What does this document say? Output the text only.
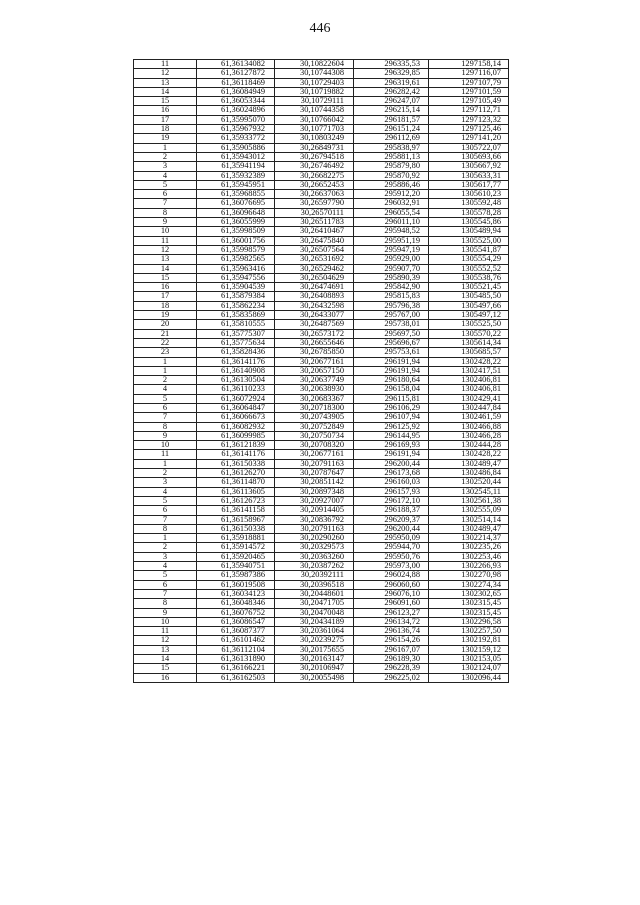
446
11	61,36134082	30,10822604	296335,53	1297158,14
12	61,36127872	30,10744308	296329,85	1297116,07
13	61,36118469	30,10729403	296319,61	1297107,79
14	61,36084949	30,10719882	296282,42	1297101,59
15	61,36053344	30,10729111	296247,07	1297105,49
16	61,36024896	30,10744358	296215,14	1297112,71
17	61,35995070	30,10766042	296181,57	1297123,32
18	61,35967932	30,10771703	296151,24	1297125,46
19	61,35933772	30,10803249	296112,69	1297141,20
1	61,35905886	30,26849731	295838,97	1305722,07
2	61,35943012	30,26794518	295881,13	1305693,66
3	61,35941194	30,26746492	295879,80	1305667,92
4	61,35932389	30,26682275	295870,92	1305633,31
5	61,35945951	30,26652453	295886,46	1305617,77
6	61,35968855	30,26637063	295912,20	1305610,23
7	61,36076695	30,26597790	296032,91	1305592,48
8	61,36096648	30,26570111	296055,54	1305578,28
9	61,36055999	30,26511783	296011,10	1305545,86
10	61,35998509	30,26410467	295948,52	1305489,94
11	61,36001756	30,26475840	295951,19	1305525,00
12	61,35998579	30,26507564	295947,19	1305541,87
13	61,35982565	30,26531692	295929,00	1305554,29
14	61,35963416	30,26529462	295907,70	1305552,52
15	61,35947556	30,26504629	295890,39	1305538,76
16	61,35904539	30,26474691	295842,90	1305521,45
17	61,35879384	30,26408893	295815,83	1305485,50
18	61,35862234	30,26432598	295796,38	1305497,66
19	61,35835869	30,26433077	295767,00	1305497,12
20	61,35810555	30,26487569	295738,01	1305525,50
21	61,35775307	30,26573172	295697,50	1305570,22
22	61,35775634	30,26655646	295696,67	1305614,34
23	61,35828436	30,26785850	295753,61	1305685,57
1	61,36141176	30,20677161	296191,94	1302428,22
1	61,36140908	30,20657150	296191,94	1302417,51
2	61,36130504	30,20637749	296180,64	1302406,81
4	61,36110233	30,20638930	296158,04	1302406,81
5	61,36072924	30,20683367	296115,81	1302429,41
6	61,36064847	30,20718300	296106,29	1302447,84
7	61,36066673	30,20743905	296107,94	1302461,59
8	61,36082932	30,20752849	296125,92	1302466,88
9	61,36099985	30,20750734	296144,95	1302466,28
10	61,36121839	30,20708320	296169,93	1302444,28
11	61,36141176	30,20677161	296191,94	1302428,22
1	61,36150338	30,20791163	296200,44	1302489,47
2	61,36126270	30,20787647	296173,68	1302486,84
3	61,36114870	30,20851142	296160,03	1302520,44
4	61,36113605	30,20897348	296157,93	1302545,11
5	61,36126723	30,20927007	296172,10	1302561,38
6	61,36141158	30,20914405	296188,37	1302555,09
7	61,36158967	30,20836792	296209,37	1302514,14
8	61,36150338	30,20791163	296200,44	1302489,47
1	61,35918881	30,20290260	295950,09	1302214,37
2	61,35914572	30,20329573	295944,70	1302235,26
3	61,35920465	30,20363260	295950,76	1302253,46
4	61,35940751	30,20387262	295973,00	1302266,93
5	61,35987386	30,20392111	296024,88	1302270,98
6	61,36019508	30,20396518	296060,60	1302274,34
7	61,36034123	30,20448601	296076,10	1302302,65
8	61,36048346	30,20471705	296091,60	1302315,45
9	61,36076752	30,20470048	296123,27	1302315,45
10	61,36086547	30,20434189	296134,72	1302296,58
11	61,36087377	30,20361064	296136,74	1302257,50
12	61,36101462	30,20239275	296154,26	1302192,81
13	61,36112104	30,20175655	296167,07	1302159,12
14	61,36131890	30,20163147	296189,30	1302153,05
15	61,36166221	30,20106947	296228,39	1302124,07
16	61,36162503	30,20055498	296225,02	1302096,44
